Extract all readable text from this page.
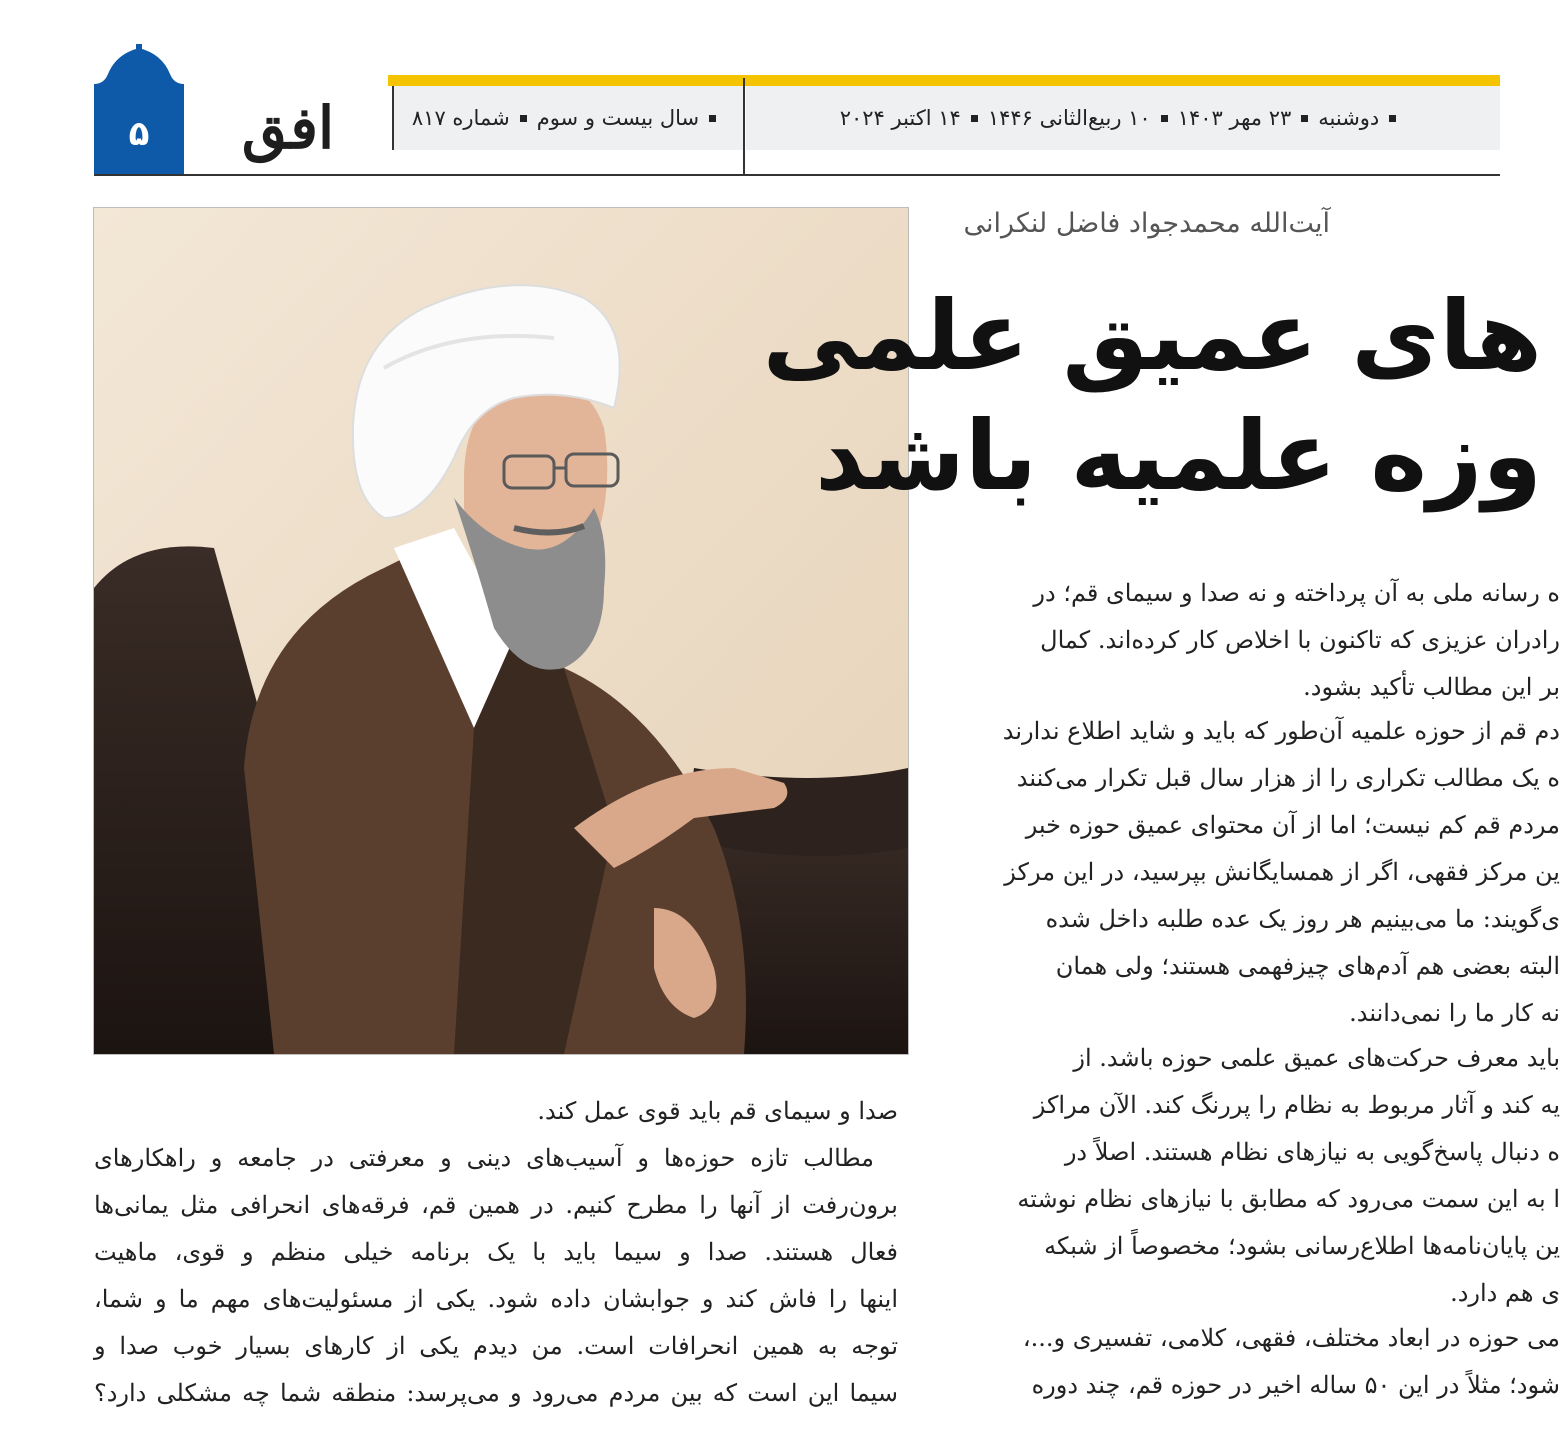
۵	افق	سال بیست و سوم
شماره ۸۱۷	دوشنبه
۲۳ مهر ۱۴۰۳
۱۰ ربیع‌الثانی ۱۴۴۶
۱۴ اکتبر ۲۰۲۴
آیت‌الله محمدجواد فاضل لنکرانی
های عمیق علمی
وزه علمیه باشد
ه رسانه ملی به آن پرداخته و نه صدا و سیمای قم؛ در
رادران عزیزی که تاکنون با اخلاص کار کرده‌اند. کمال
بر این مطالب تأکید بشود.
دم قم از حوزه علمیه آن‌طور که باید و شاید اطلاع ندارند
ه یک مطالب تکراری را از هزار سال قبل تکرار می‌کنند
مردم قم کم نیست؛ اما از آن محتوای عمیق حوزه خبر
ین مرکز فقهی، اگر از همسایگانش بپرسید، در این مرکز
ی‌گویند: ما می‌بینیم هر روز یک عده طلبه داخل شده
البته بعضی هم آدم‌های چیزفهمی هستند؛ ولی همان
نه کار ما را نمی‌دانند.
باید معرف حرکت‌های عمیق علمی حوزه باشد. از
یه کند و آثار مربوط به نظام را پررنگ کند. الآن مراکز
ه دنبال پاسخ‌گویی به نیازهای نظام هستند. اصلاً در
ا به این سمت می‌رود که مطابق با نیازهای نظام نوشته
ین پایان‌نامه‌ها اطلاع‌رسانی بشود؛ مخصوصاً از شبکه
ی هم دارد.
می حوزه در ابعاد مختلف، فقهی، کلامی، تفسیری و...،
شود؛ مثلاً در این ۵۰ ساله اخیر در حوزه قم، چند دوره
صدا و سیمای قم باید قوی عمل کند.
مطالب تازه حوزه‌ها و آسیب‌های دینی و معرفتی در جامعه و راهکارهای
برون‌رفت از آنها را مطرح کنیم. در همین قم، فرقه‌های انحرافی مثل یمانی‌ها
فعال هستند. صدا و سیما باید با یک برنامه خیلی منظم و قوی، ماهیت
اینها را فاش کند و جوابشان داده شود. یکی از مسئولیت‌های مهم ما و شما،
توجه به همین انحرافات است. من دیدم یکی از کارهای بسیار خوب صدا و
سیما این است که بین مردم می‌رود و می‌پرسد: منطقه شما چه مشکلی دارد؟
